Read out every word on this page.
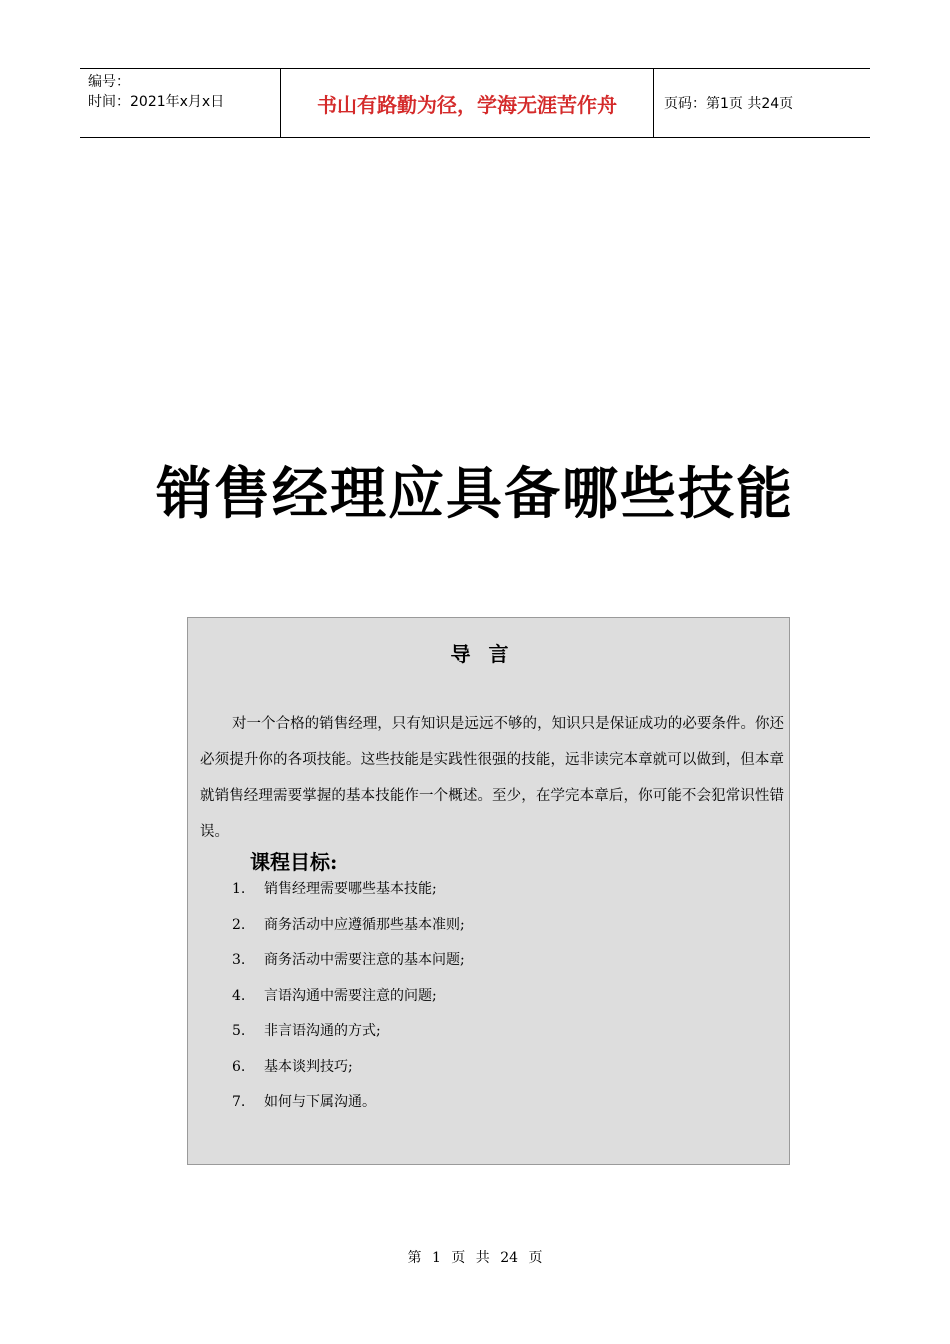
编号：
时间：2021年x月x日	书山有路勤为径，学海无涯苦作舟	页码：第1页 共24页
销售经理应具备哪些技能
导言

对一个合格的销售经理，只有知识是远远不够的，知识只是保证成功的必要条件。你还必须提升你的各项技能。这些技能是实践性很强的技能，远非读完本章就可以做到，但本章就销售经理需要掌握的基本技能作一个概述。至少，在学完本章后，你可能不会犯常识性错误。

课程目标:
1.	销售经理需要哪些基本技能;
2.	商务活动中应遵循那些基本准则;
3.	商务活动中需要注意的基本问题;
4.	言语沟通中需要注意的问题;
5.	非言语沟通的方式;
6.	基本谈判技巧;
7.	如何与下属沟通。
第 1 页 共 24 页
